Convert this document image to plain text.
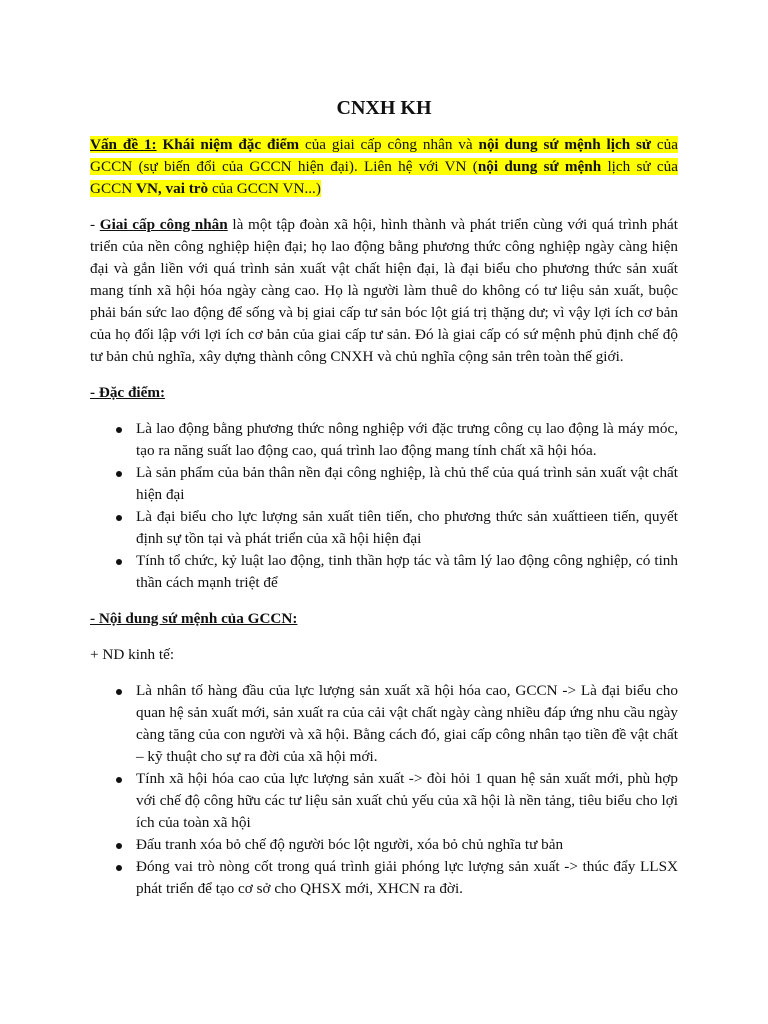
CNXH KH

Vấn đề 1: Khái niệm đặc điểm của giai cấp công nhân và nội dung sứ mệnh lịch sử của GCCN (sự biến đổi của GCCN hiện đại). Liên hệ với VN (nội dung sứ mệnh lịch sử của GCCN VN, vai trò của GCCN VN...)

- Giai cấp công nhân là một tập đoàn xã hội, hình thành và phát triển cùng với quá trình phát triển của nền công nghiệp hiện đại; họ lao động bằng phương thức công nghiệp ngày càng hiện đại và gắn liền với quá trình sản xuất vật chất hiện đại, là đại biểu cho phương thức sản xuất mang tính xã hội hóa ngày càng cao. Họ là người làm thuê do không có tư liệu sản xuất, buộc phải bán sức lao động để sống và bị giai cấp tư sản bóc lột giá trị thặng dư; vì vậy lợi ích cơ bản của họ đối lập với lợi ích cơ bản của giai cấp tư sản. Đó là giai cấp có sứ mệnh phủ định chế độ tư bản chủ nghĩa, xây dựng thành công CNXH và chủ nghĩa cộng sản trên toàn thế giới.

- Đặc điểm:

Là lao động bằng phương thức nông nghiệp với đặc trưng công cụ lao động là máy móc, tạo ra năng suất lao động cao, quá trình lao động mang tính chất xã hội hóa.
Là sản phẩm của bản thân nền đại công nghiệp, là chủ thể của quá trình sản xuất vật chất hiện đại
Là đại biểu cho lực lượng sản xuất tiên tiến, cho phương thức sản xuấttieen tiến, quyết định sự tồn tại và phát triển của xã hội hiện đại
Tính tổ chức, kỷ luật lao động, tinh thần hợp tác và tâm lý lao động công nghiệp, có tinh thần cách mạnh triệt để

- Nội dung sứ mệnh của GCCN:

+ ND kinh tế:

Là nhân tố hàng đầu của lực lượng sản xuất xã hội hóa cao, GCCN -> Là đại biểu cho quan hệ sản xuất mới, sản xuất ra của cải vật chất ngày càng nhiều đáp ứng nhu cầu ngày càng tăng của con người và xã hội. Bằng cách đó, giai cấp công nhân tạo tiền đề vật chất – kỹ thuật cho sự ra đời của xã hội mới.
Tính xã hội hóa cao của lực lượng sản xuất -> đòi hỏi 1 quan hệ sản xuất mới, phù hợp với chế độ công hữu các tư liệu sản xuất chủ yếu của xã hội là nền tảng, tiêu biểu cho lợi ích của toàn xã hội
Đấu tranh xóa bỏ chế độ người bóc lột người, xóa bỏ chủ nghĩa tư bản
Đóng vai trò nòng cốt trong quá trình giải phóng lực lượng sản xuất -> thúc đẩy LLSX phát triển để tạo cơ sở cho QHSX mới, XHCN ra đời.
